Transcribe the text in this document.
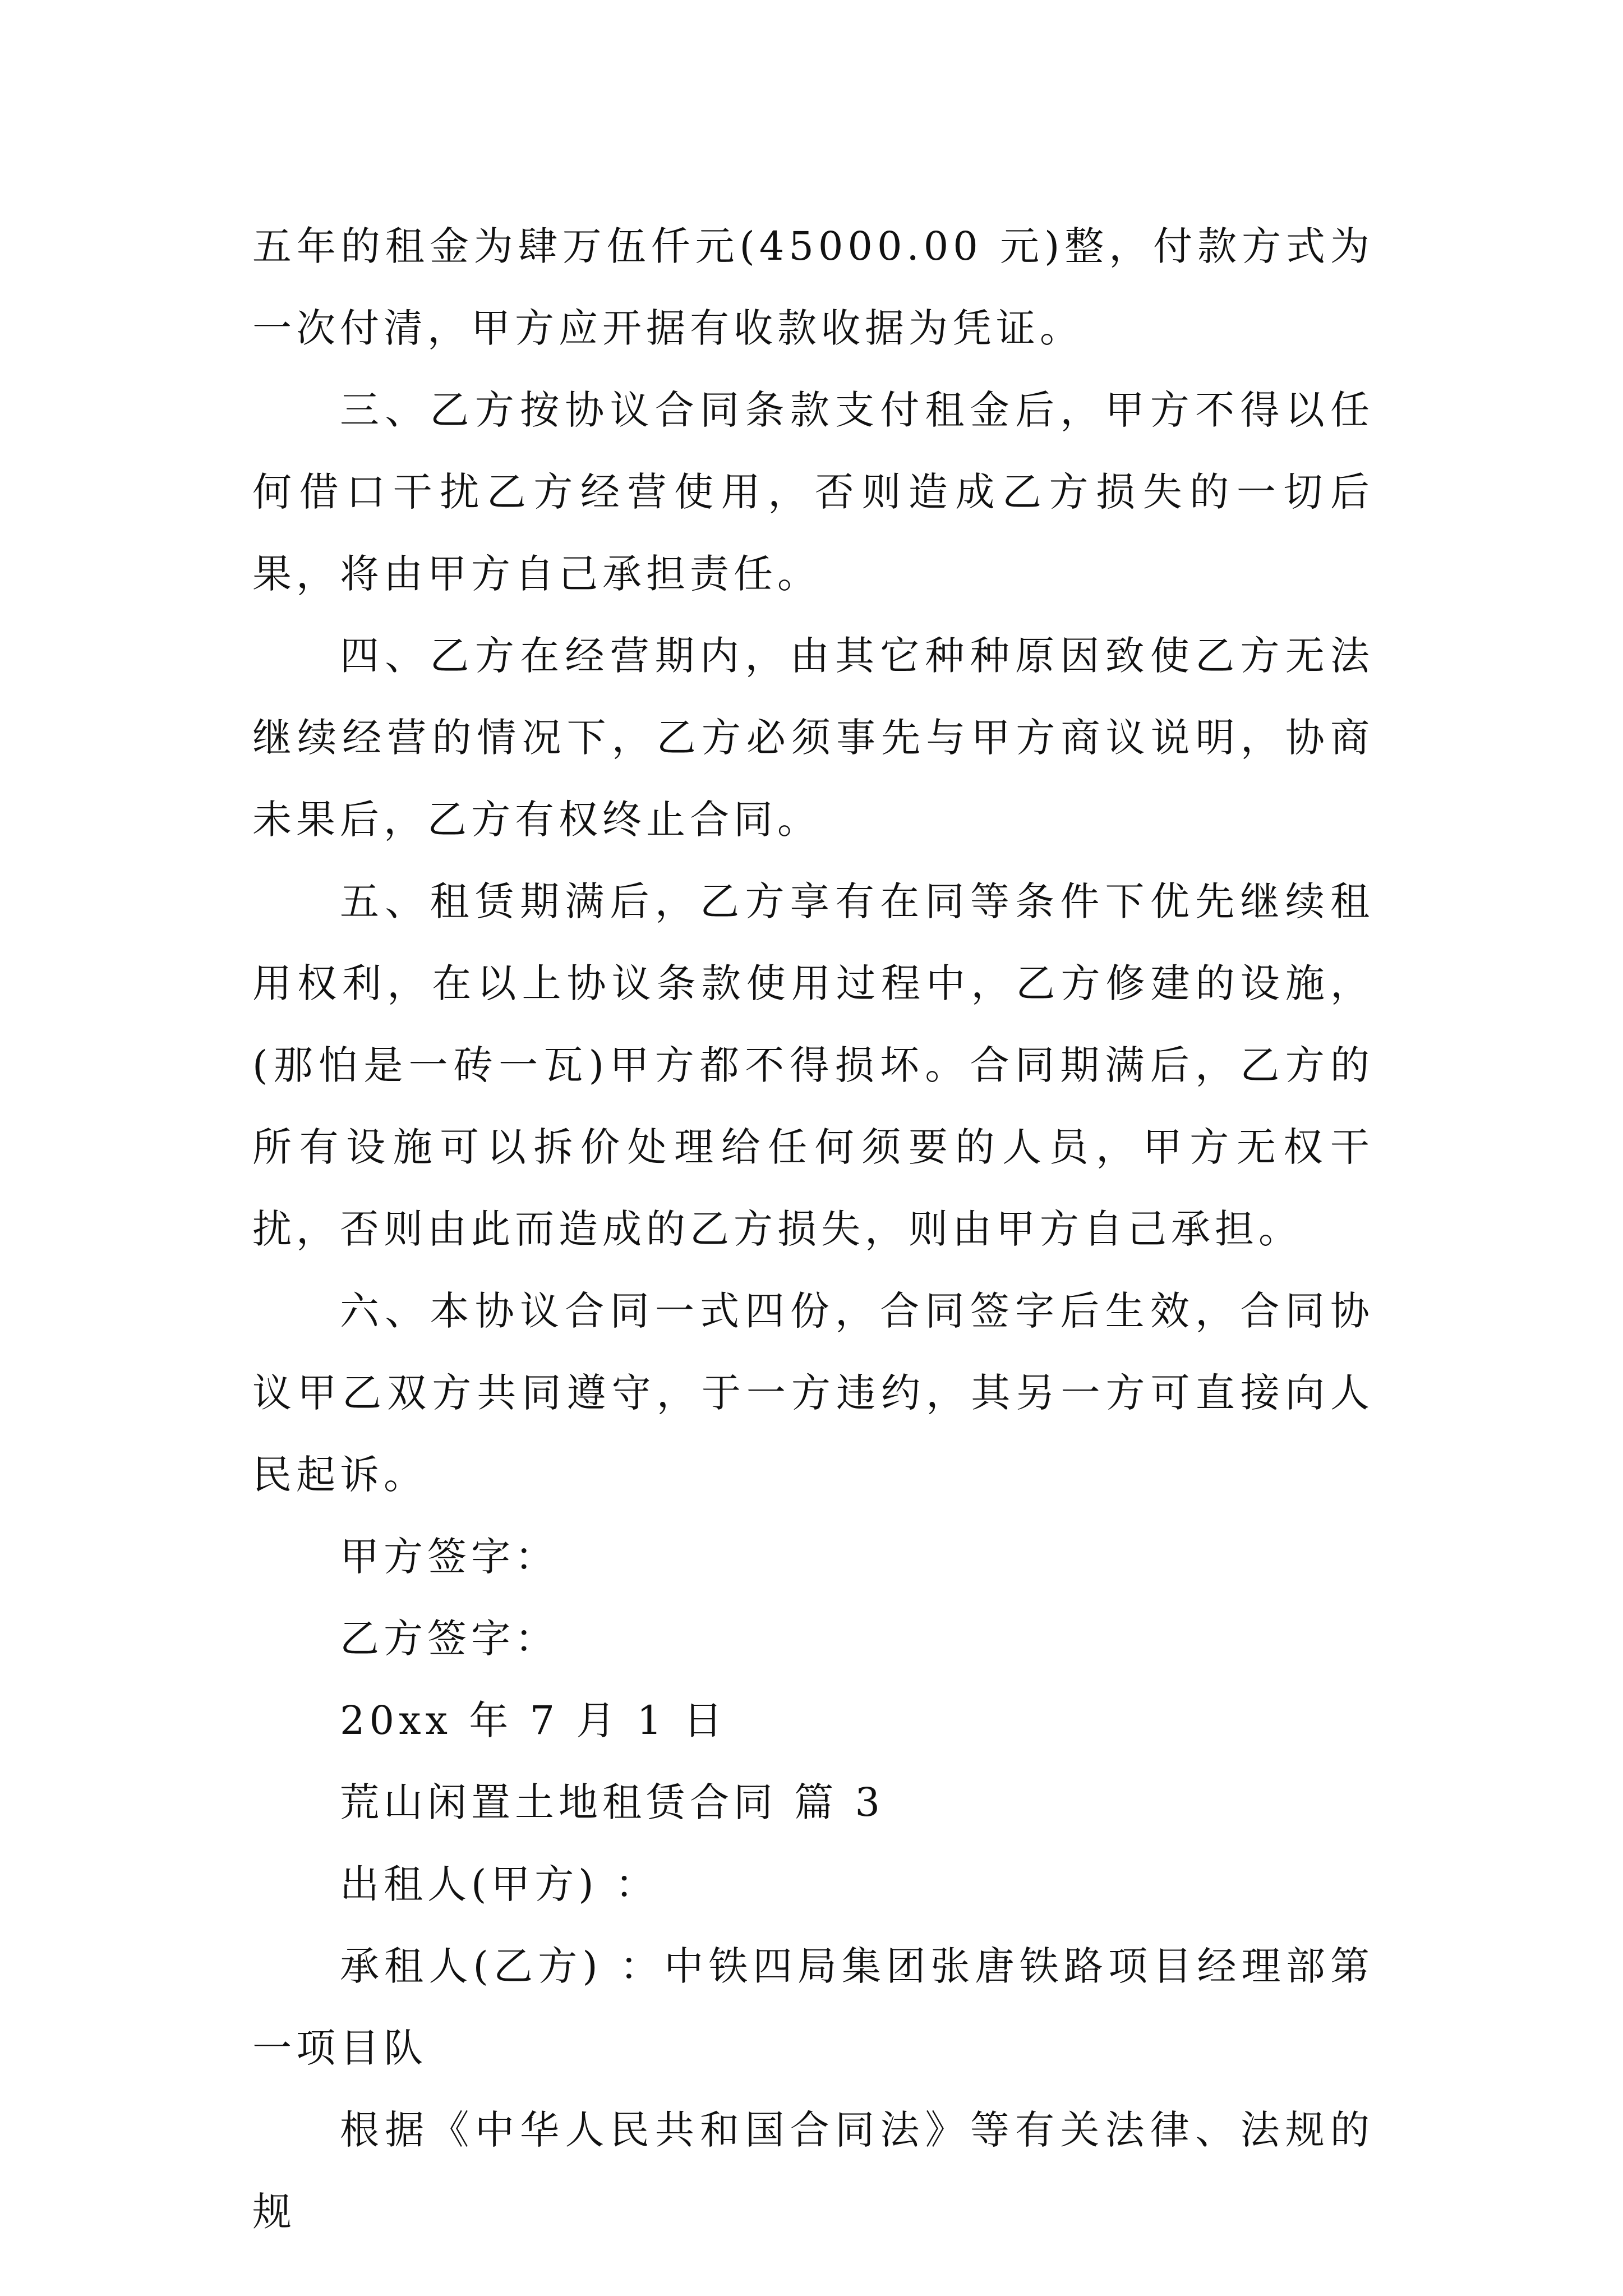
五年的租金为肆万伍仟元(45000.00 元)整，付款方式为一次付清，甲方应开据有收款收据为凭证。

三、乙方按协议合同条款支付租金后，甲方不得以任何借口干扰乙方经营使用，否则造成乙方损失的一切后果，将由甲方自己承担责任。

四、乙方在经营期内，由其它种种原因致使乙方无法继续经营的情况下，乙方必须事先与甲方商议说明，协商未果后，乙方有权终止合同。

五、租赁期满后，乙方享有在同等条件下优先继续租用权利，在以上协议条款使用过程中，乙方修建的设施，(那怕是一砖一瓦)甲方都不得损坏。合同期满后，乙方的所有设施可以拆价处理给任何须要的人员，甲方无权干扰，否则由此而造成的乙方损失，则由甲方自己承担。

六、本协议合同一式四份，合同签字后生效，合同协议甲乙双方共同遵守，于一方违约，其另一方可直接向人民起诉。

甲方签字：

乙方签字：

20xx 年 7 月 1 日

荒山闲置土地租赁合同 篇 3

出租人(甲方) ：

承租人(乙方) ：中铁四局集团张唐铁路项目经理部第一项目队

根据《中华人民共和国合同法》等有关法律、法规的规
